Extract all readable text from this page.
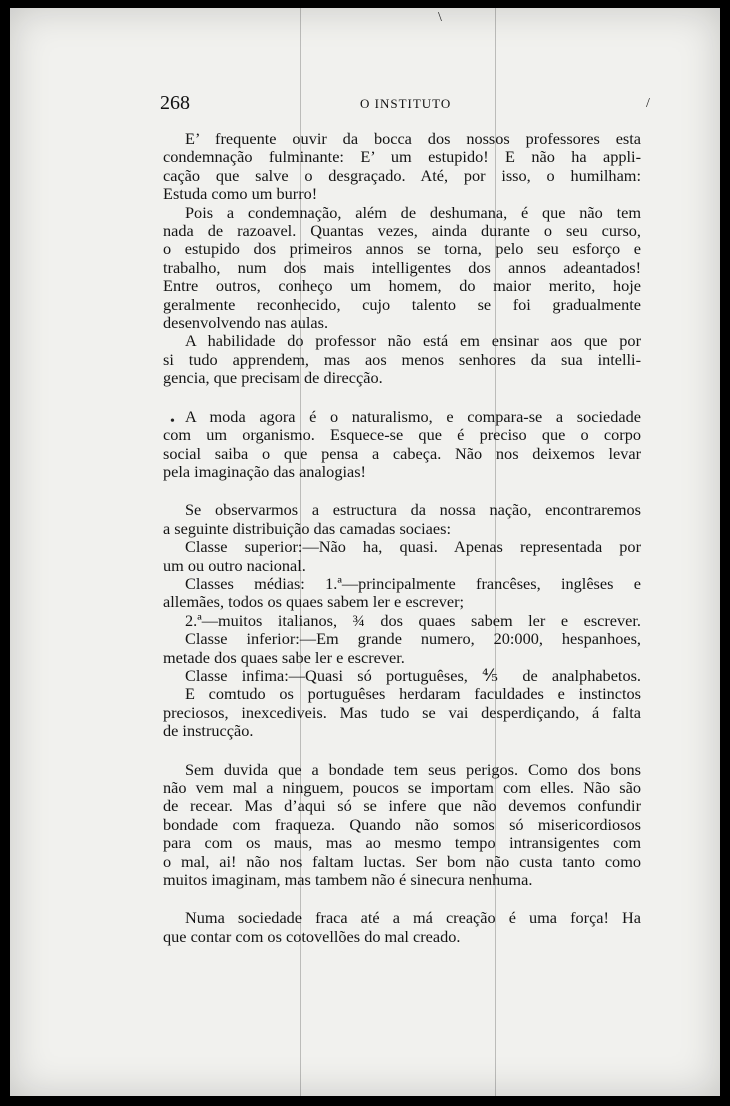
\
/
•
268	O INSTITUTO

E’ frequente ouvir da bocca dos nossos professores esta
condemnação fulminante: E’ um estupido! E não ha appli-
cação que salve o desgraçado. Até, por isso, o humilham:
Estuda como um burro!

Pois a condemnação, além de deshumana, é que não tem
nada de razoavel. Quantas vezes, ainda durante o seu curso,
o estupido dos primeiros annos se torna, pelo seu esforço e
trabalho, num dos mais intelligentes dos annos adeantados!
Entre outros, conheço um homem, do maior merito, hoje
geralmente reconhecido, cujo talento se foi gradualmente
desenvolvendo nas aulas.

A habilidade do professor não está em ensinar aos que por
si tudo apprendem, mas aos menos senhores da sua intelli-
gencia, que precisam de direcção.

A moda agora é o naturalismo, e compara-se a sociedade
com um organismo. Esquece-se que é preciso que o corpo
social saiba o que pensa a cabeça. Não nos deixemos levar
pela imaginação das analogias!

Se observarmos a estructura da nossa nação, encontraremos
a seguinte distribuição das camadas sociaes:

Classe superior:—Não ha, quasi. Apenas representada por
um ou outro nacional.

Classes médias: 1.ª—principalmente francêses, inglêses e
allemães, todos os quaes sabem ler e escrever;

2.ª—muitos italianos, ¾ dos quaes sabem ler e escrever.

Classe inferior:—Em grande numero, 20:000, hespanhoes,
metade dos quaes sabe ler e escrever.

Classe infima:—Quasi só portuguêses, ⅘ de analphabetos.

E comtudo os portuguêses herdaram faculdades e instinctos
preciosos, inexcediveis. Mas tudo se vai desperdiçando, á falta
de instrucção.

Sem duvida que a bondade tem seus perigos. Como dos bons
não vem mal a ninguem, poucos se importam com elles. Não são
de recear. Mas d’aqui só se infere que não devemos confundir
bondade com fraqueza. Quando não somos só misericordiosos
para com os maus, mas ao mesmo tempo intransigentes com
o mal, ai! não nos faltam luctas. Ser bom não custa tanto como
muitos imaginam, mas tambem não é sinecura nenhuma.

Numa sociedade fraca até a má creação é uma força! Ha
que contar com os cotovellões do mal creado.
